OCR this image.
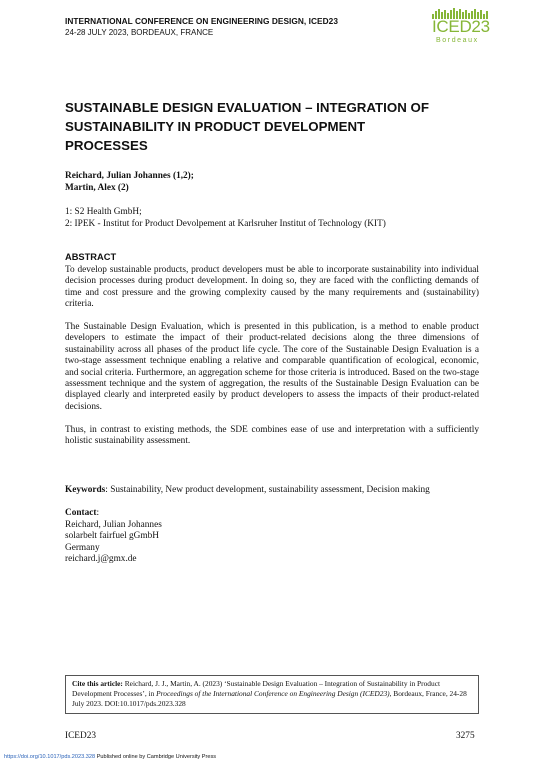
INTERNATIONAL CONFERENCE ON ENGINEERING DESIGN, ICED23
24-28 JULY 2023, BORDEAUX, FRANCE	ICED23
Bordeaux
SUSTAINABLE DESIGN EVALUATION – INTEGRATION OF
SUSTAINABILITY IN PRODUCT DEVELOPMENT
PROCESSES
Reichard, Julian Johannes (1,2);
Martin, Alex (2)
1: S2 Health GmbH;
2: IPEK - Institut for Product Devolpement at Karlsruher Institut of Technology (KIT)
ABSTRACT

To develop sustainable products, product developers must be able to incorporate sustainability into individual decision processes during product development. In doing so, they are faced with the conflicting demands of time and cost pressure and the growing complexity caused by the many requirements and (sustainability) criteria.

The Sustainable Design Evaluation, which is presented in this publication, is a method to enable product developers to estimate the impact of their product-related decisions along the three dimensions of sustainability across all phases of the product life cycle. The core of the Sustainable Design Evaluation is a two-stage assessment technique enabling a relative and comparable quantification of ecological, economic, and social criteria. Furthermore, an aggregation scheme for those criteria is introduced. Based on the two-stage assessment technique and the system of aggregation, the results of the Sustainable Design Evaluation can be displayed clearly and interpreted easily by product developers to assess the impacts of their product-related decisions.

Thus, in contrast to existing methods, the SDE combines ease of use and interpretation with a sufficiently holistic sustainability assessment.

Keywords: Sustainability, New product development, sustainability assessment, Decision making
Contact:
Reichard, Julian Johannes
solarbelt fairfuel gGmbH
Germany
reichard.j@gmx.de
Cite this article: Reichard, J. J., Martin, A. (2023) ‘Sustainable Design Evaluation – Integration of Sustainability in Product Development Processes’, in Proceedings of the International Conference on Engineering Design (ICED23), Bordeaux, France, 24-28 July 2023. DOI:10.1017/pds.2023.328
ICED23	3275
https://doi.org/10.1017/pds.2023.328 Published online by Cambridge University Press
